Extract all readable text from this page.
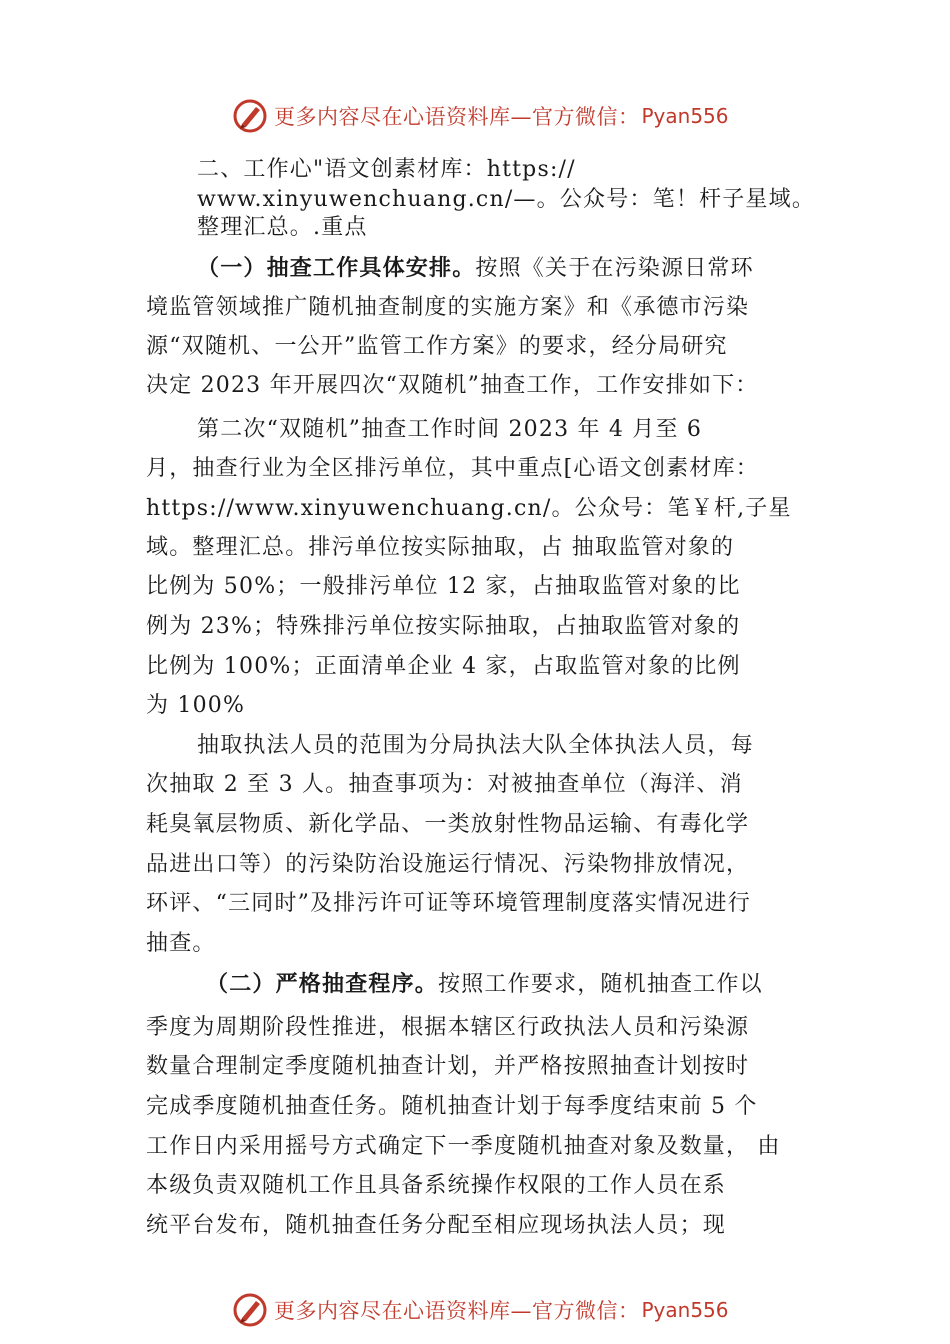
更多内容尽在心语资料库—官方微信： Pyan556
二、工作心"语文创素材库：https://
www.xinyuwenchuang.cn/—。公众号：笔！杆子星域。
整理汇总。.重点
（一）抽查工作具体安排。按照《关于在污染源日常环
境监管领域推广随机抽查制度的实施方案》和《承德市污染
源“双随机、一公开”监管工作方案》的要求，经分局研究
决定 2023 年开展四次“双随机”抽查工作，工作安排如下：
第二次“双随机”抽查工作时间 2023 年 4 月至 6
月，抽查行业为全区排污单位，其中重点[心语文创素材库：
https://www.xinyuwenchuang.cn/。公众号：笔￥杆,子星
域。整理汇总。排污单位按实际抽取，占 抽取监管对象的
比例为 50%；一般排污单位 12 家，占抽取监管对象的比
例为 23%；特殊排污单位按实际抽取，占抽取监管对象的
比例为 100%；正面清单企业 4 家，占取监管对象的比例
为 100%
抽取执法人员的范围为分局执法大队全体执法人员，每
次抽取 2 至 3 人。抽查事项为：对被抽查单位（海洋、消
耗臭氧层物质、新化学品、一类放射性物品运输、有毒化学
品进出口等）的污染防治设施运行情况、污染物排放情况，
环评、“三同时”及排污许可证等环境管理制度落实情况进行
抽查。
（二）严格抽查程序。按照工作要求，随机抽查工作以
季度为周期阶段性推进，根据本辖区行政执法人员和污染源
数量合理制定季度随机抽查计划，并严格按照抽查计划按时
完成季度随机抽查任务。随机抽查计划于每季度结束前 5 个
工作日内采用摇号方式确定下一季度随机抽查对象及数量， 由
本级负责双随机工作且具备系统操作权限的工作人员在系
统平台发布，随机抽查任务分配至相应现场执法人员；现
更多内容尽在心语资料库—官方微信： Pyan556
